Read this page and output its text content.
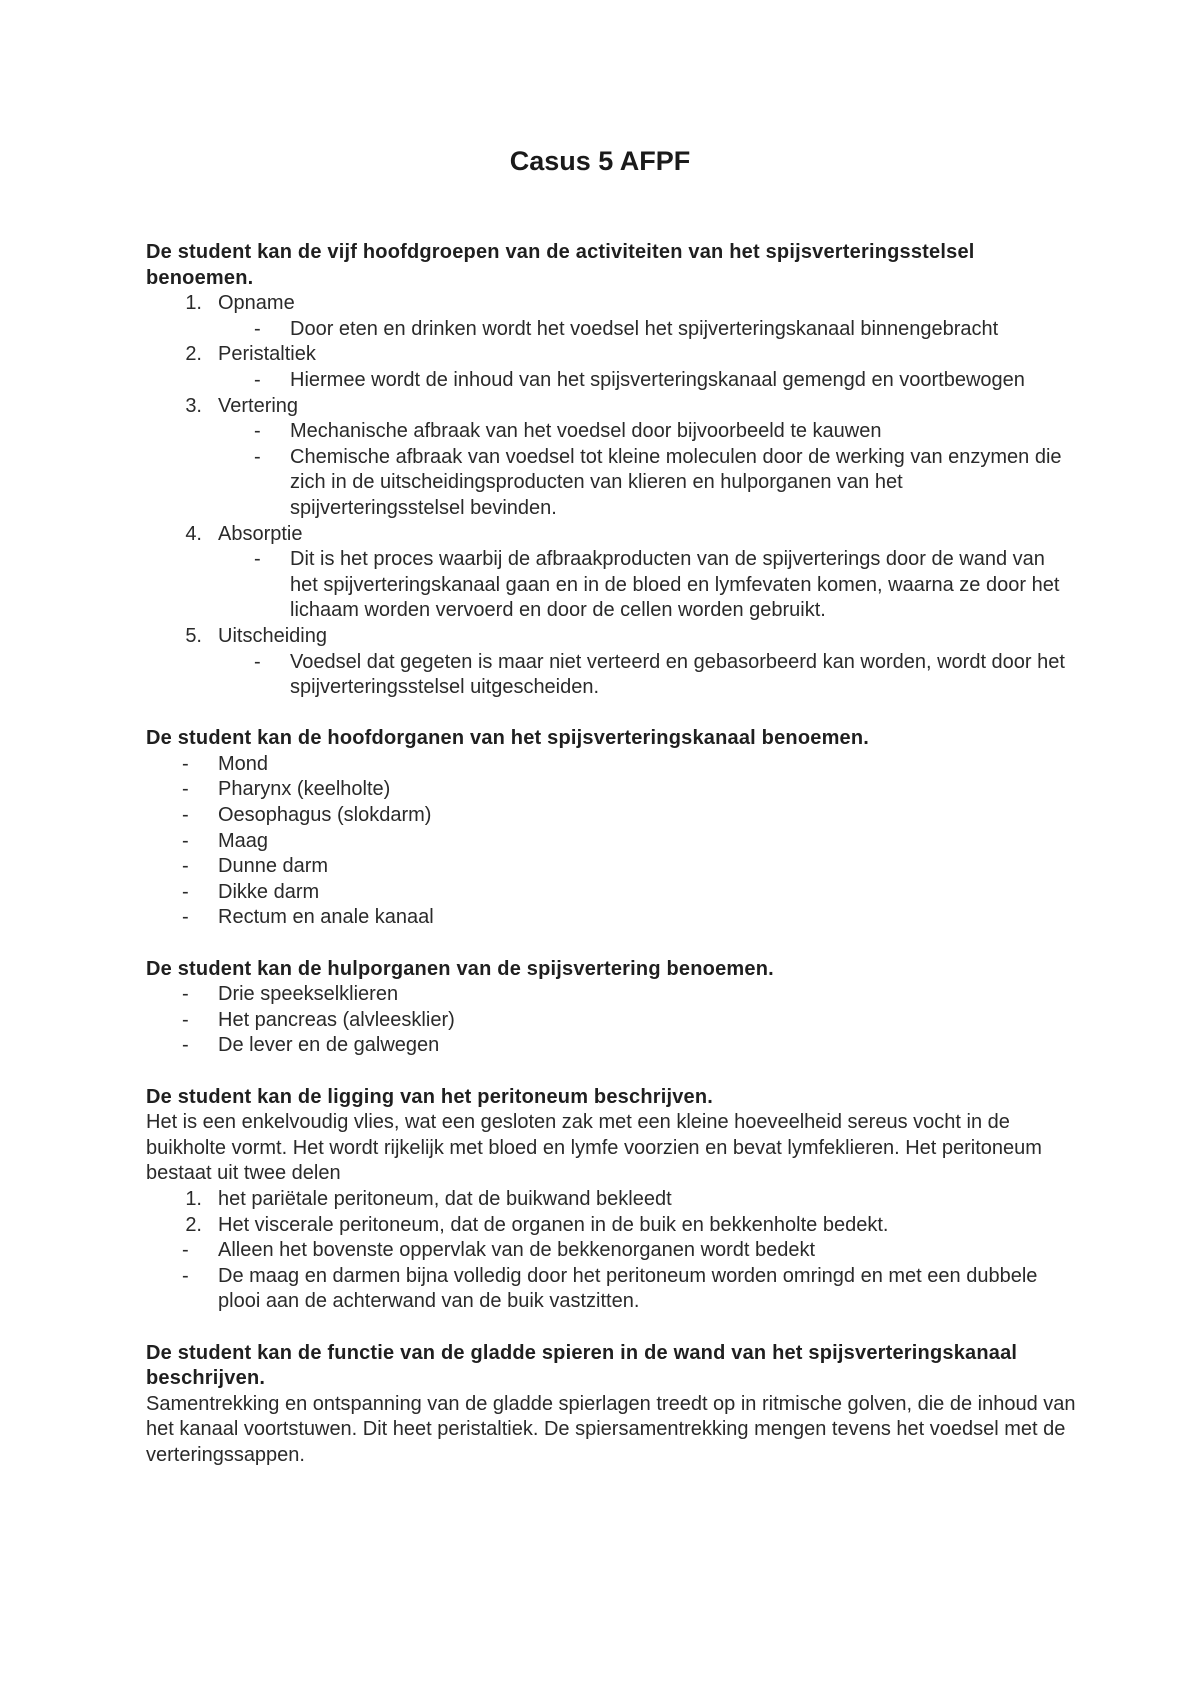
Casus 5 AFPF
De student kan de vijf hoofdgroepen van de activiteiten van het spijsverteringsstelsel benoemen.
1. Opname
-	Door eten en drinken wordt het voedsel het spijverteringskanaal binnengebracht
2. Peristaltiek
-	Hiermee wordt de inhoud van het spijsverteringskanaal gemengd en voortbewogen
3. Vertering
-	Mechanische afbraak van het voedsel door bijvoorbeeld te kauwen
-	Chemische afbraak van voedsel tot kleine moleculen door de werking van enzymen die zich in de uitscheidingsproducten van klieren en hulporganen van het spijverteringsstelsel bevinden.
4. Absorptie
-	Dit is het proces waarbij de afbraakproducten van de spijverterings door de wand van het spijverteringskanaal gaan en in de bloed en lymfevaten komen, waarna ze door het lichaam worden vervoerd en door de cellen worden gebruikt.
5. Uitscheiding
-	Voedsel dat gegeten is maar niet verteerd en gebasorbeerd kan worden, wordt door het spijverteringsstelsel uitgescheiden.
De student kan de hoofdorganen van het spijsverteringskanaal benoemen.
-	Mond
-	Pharynx (keelholte)
-	Oesophagus (slokdarm)
-	Maag
-	Dunne darm
-	Dikke darm
-	Rectum en anale kanaal
De student kan de hulporganen van de spijsvertering benoemen.
-	Drie speekselklieren
-	Het pancreas (alvleesklier)
-	De lever en de galwegen
De student kan de ligging van het peritoneum beschrijven.

Het is een enkelvoudig vlies, wat een gesloten zak met een kleine hoeveelheid sereus vocht in de buikholte vormt. Het wordt rijkelijk met bloed en lymfe voorzien en bevat lymfeklieren. Het peritoneum bestaat uit twee delen

1. het pariëtale peritoneum, dat de buikwand bekleedt
2. Het viscerale peritoneum, dat de organen in de buik en bekkenholte bedekt.
-	Alleen het bovenste oppervlak van de bekkenorganen wordt bedekt
-	De maag en darmen bijna volledig door het peritoneum worden omringd en met een dubbele plooi aan de achterwand van de buik vastzitten.
De student kan de functie van de gladde spieren in de wand van het spijsverteringskanaal beschrijven.

Samentrekking en ontspanning van de gladde spierlagen treedt op in ritmische golven, die de inhoud van het kanaal voortstuwen. Dit heet peristaltiek. De spiersamentrekking mengen tevens het voedsel met de verteringssappen.
